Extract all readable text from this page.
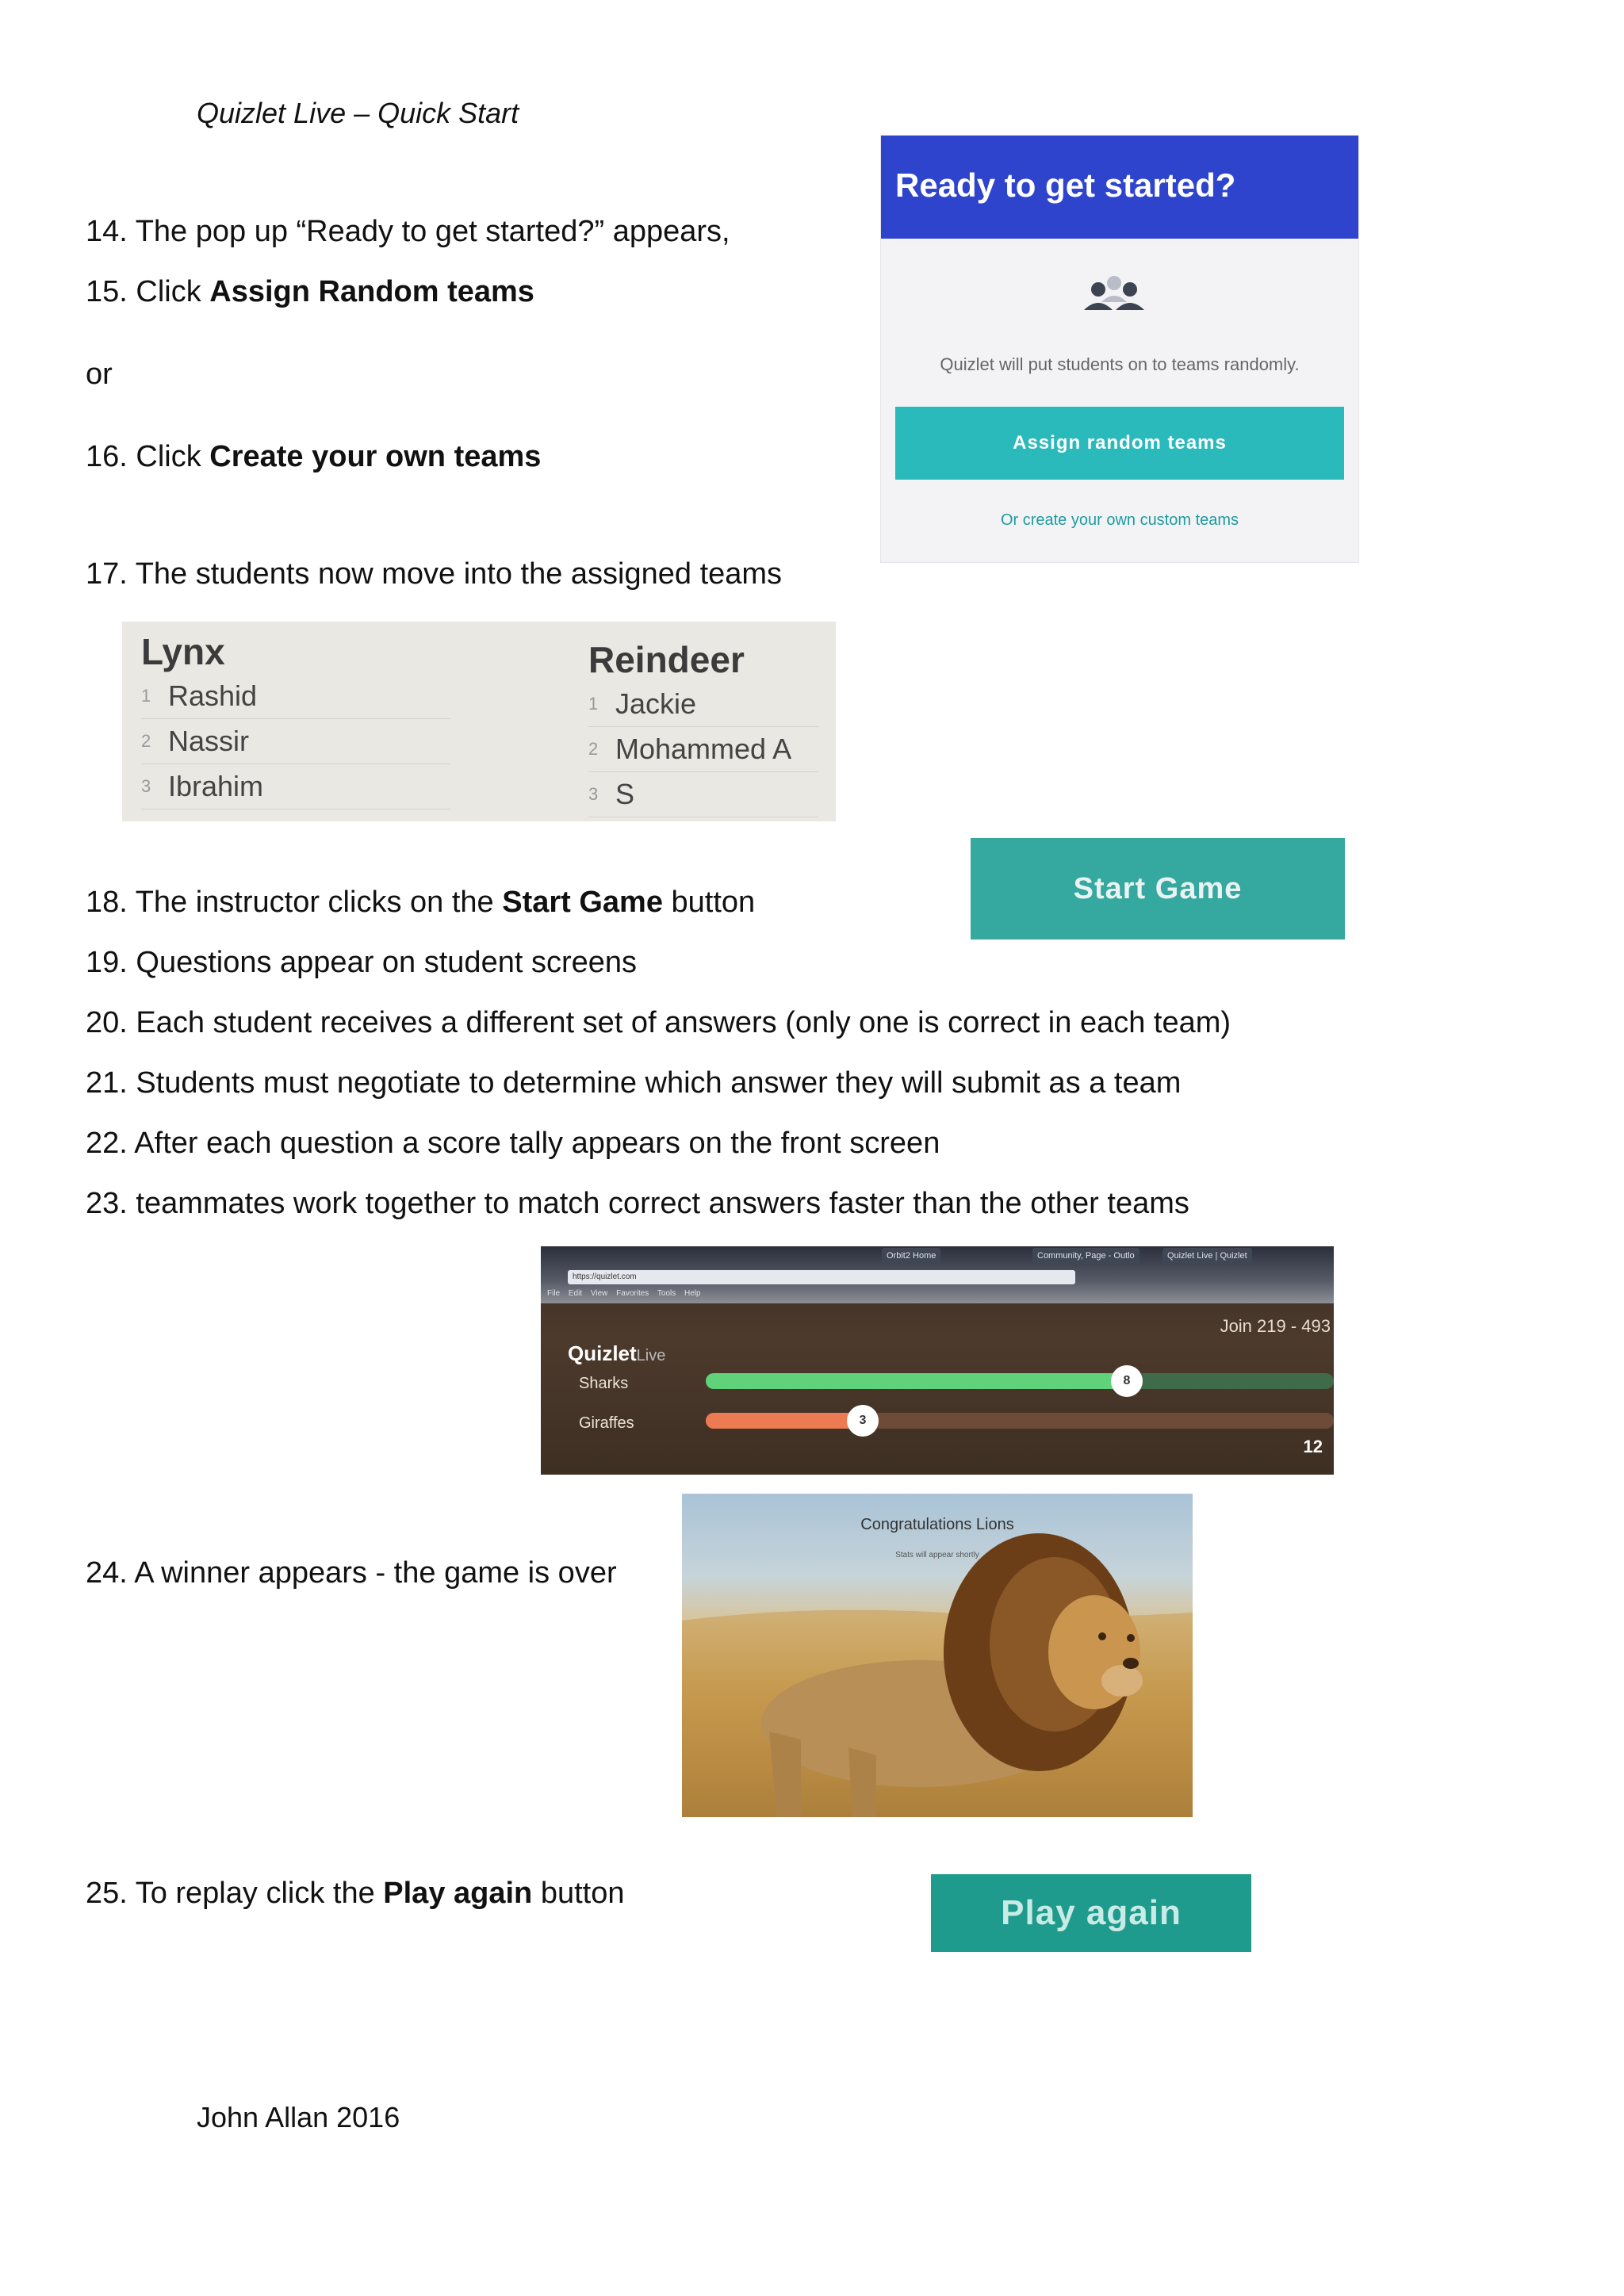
Quizlet Live – Quick Start
14. The pop up “Ready to get started?” appears,
15. Click Assign Random teams
or
16. Click Create your own teams
17. The students now move into the assigned teams
Ready to get started?
Quizlet will put students on to teams randomly.
Assign random teams
Or create your own custom teams
Lynx
1 Rashid
2 Nassir
3 Ibrahim
Reindeer
1 Jackie
2 Mohammed A
3 S
18. The instructor clicks on the Start Game button	Start Game
19. Questions appear on student screens
20. Each student receives a different set of answers (only one is correct in each team)
21. Students must negotiate to determine which answer they will submit as a team
22. After each question a score tally appears on the front screen
23. teammates work together to match correct answers faster than the other teams
Orbit2 Home	Community, Page - Outlo	Quizlet Live | Quizlet
https://quizlet.com
File Edit View Favorites Tools Help
Join 219 - 493
QuizletLive
Sharks	8
Giraffes	3
12
24. A winner appears - the game is over
Congratulations Lions
Stats will appear shortly
25. To replay click the Play again button	Play again
John Allan 2016
